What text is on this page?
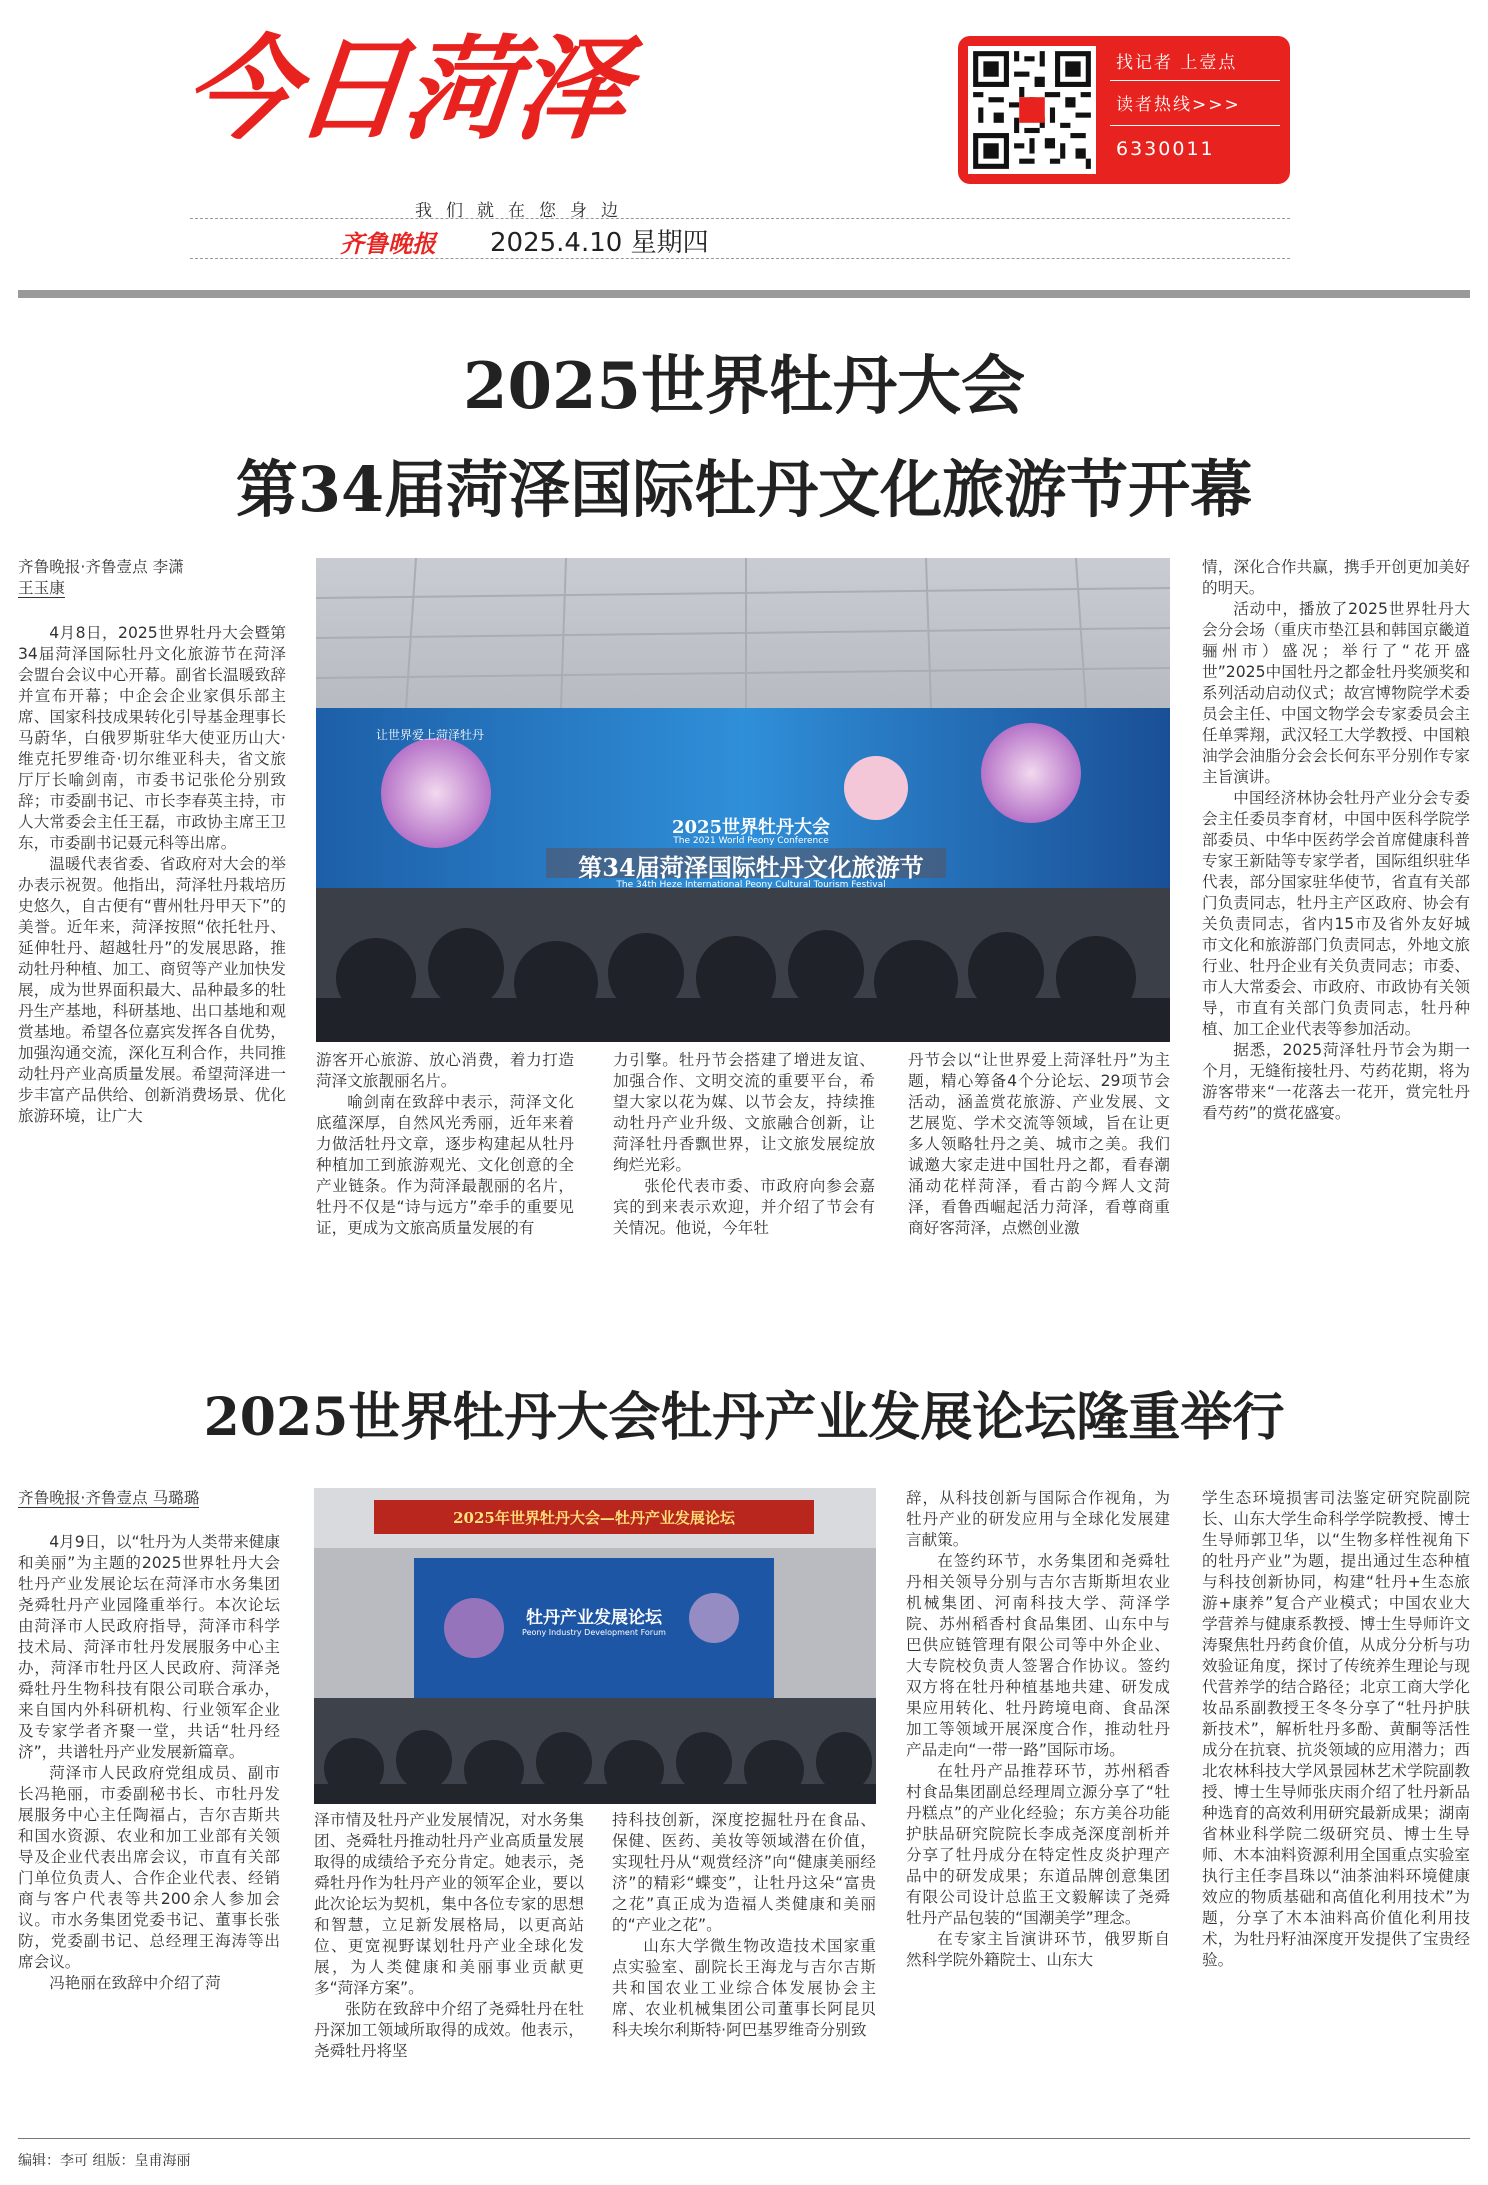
今日菏泽	找记者 上壹点
读者热线>>>
6330011
我们就在您身边
齐鲁晚报 2025.4.10 星期四
2025世界牡丹大会
第34届菏泽国际牡丹文化旅游节开幕
齐鲁晚报·齐鲁壹点 李潇
王玉康

4月8日，2025世界牡丹大会暨第34届菏泽国际牡丹文化旅游节在菏泽会盟台会议中心开幕。副省长温暖致辞并宣布开幕；中企会企业家俱乐部主席、国家科技成果转化引导基金理事长马蔚华，白俄罗斯驻华大使亚历山大·维克托罗维奇·切尔维亚科夫，省文旅厅厅长喻剑南，市委书记张伦分别致辞；市委副书记、市长李春英主持，市人大常委会主任王磊，市政协主席王卫东，市委副书记聂元科等出席。

温暖代表省委、省政府对大会的举办表示祝贺。他指出，菏泽牡丹栽培历史悠久，自古便有“曹州牡丹甲天下”的美誉。近年来，菏泽按照“依托牡丹、延伸牡丹、超越牡丹”的发展思路，推动牡丹种植、加工、商贸等产业加快发展，成为世界面积最大、品种最多的牡丹生产基地，科研基地、出口基地和观赏基地。希望各位嘉宾发挥各自优势，加强沟通交流，深化互利合作，共同推动牡丹产业高质量发展。希望菏泽进一步丰富产品供给、创新消费场景、优化旅游环境，让广大

2025世界牡丹大会
The 2021 World Peony Conference
第34届菏泽国际牡丹文化旅游节
The 34th Heze International Peony Cultural Tourism Festival
让世界爱上菏泽牡丹

游客开心旅游、放心消费，着力打造菏泽文旅靓丽名片。

喻剑南在致辞中表示，菏泽文化底蕴深厚，自然风光秀丽，近年来着力做活牡丹文章，逐步构建起从牡丹种植加工到旅游观光、文化创意的全产业链条。作为菏泽最靓丽的名片，牡丹不仅是“诗与远方”牵手的重要见证，更成为文旅高质量发展的有

力引擎。牡丹节会搭建了增进友谊、加强合作、文明交流的重要平台，希望大家以花为媒、以节会友，持续推动牡丹产业升级、文旅融合创新，让菏泽牡丹香飘世界，让文旅发展绽放绚烂光彩。

张伦代表市委、市政府向参会嘉宾的到来表示欢迎，并介绍了节会有关情况。他说，今年牡

丹节会以“让世界爱上菏泽牡丹”为主题，精心筹备4个分论坛、29项节会活动，涵盖赏花旅游、产业发展、文艺展览、学术交流等领域，旨在让更多人领略牡丹之美、城市之美。我们诚邀大家走进中国牡丹之都，看春潮涌动花样菏泽，看古韵今辉人文菏泽，看鲁西崛起活力菏泽，看尊商重商好客菏泽，点燃创业激

情，深化合作共赢，携手开创更加美好的明天。

活动中，播放了2025世界牡丹大会分会场（重庆市垫江县和韩国京畿道骊州市）盛况；举行了“花开盛世”2025中国牡丹之都金牡丹奖颁奖和系列活动启动仪式；故宫博物院学术委员会主任、中国文物学会专家委员会主任单霁翔，武汉轻工大学教授、中国粮油学会油脂分会会长何东平分别作专家主旨演讲。

中国经济林协会牡丹产业分会专委会主任委员李育材，中国中医科学院学部委员、中华中医药学会首席健康科普专家王新陆等专家学者，国际组织驻华代表，部分国家驻华使节，省直有关部门负责同志，牡丹主产区政府、协会有关负责同志，省内15市及省外友好城市文化和旅游部门负责同志，外地文旅行业、牡丹企业有关负责同志；市委、市人大常委会、市政府、市政协有关领导，市直有关部门负责同志，牡丹种植、加工企业代表等参加活动。

据悉，2025菏泽牡丹节会为期一个月，无缝衔接牡丹、芍药花期，将为游客带来“一花落去一花开，赏完牡丹看芍药”的赏花盛宴。

2025世界牡丹大会牡丹产业发展论坛隆重举行
齐鲁晚报·齐鲁壹点 马璐璐

4月9日，以“牡丹为人类带来健康和美丽”为主题的2025世界牡丹大会牡丹产业发展论坛在菏泽市水务集团尧舜牡丹产业园隆重举行。本次论坛由菏泽市人民政府指导，菏泽市科学技术局、菏泽市牡丹发展服务中心主办，菏泽市牡丹区人民政府、菏泽尧舜牡丹生物科技有限公司联合承办，来自国内外科研机构、行业领军企业及专家学者齐聚一堂，共话“牡丹经济”，共谱牡丹产业发展新篇章。

菏泽市人民政府党组成员、副市长冯艳丽，市委副秘书长、市牡丹发展服务中心主任陶福占，吉尔吉斯共和国水资源、农业和加工业部有关领导及企业代表出席会议，市直有关部门单位负责人、合作企业代表、经销商与客户代表等共200余人参加会议。市水务集团党委书记、董事长张防，党委副书记、总经理王海涛等出席会议。

冯艳丽在致辞中介绍了菏

2025年世界牡丹大会—牡丹产业发展论坛
牡丹产业发展论坛
Peony Industry Development Forum

泽市情及牡丹产业发展情况，对水务集团、尧舜牡丹推动牡丹产业高质量发展取得的成绩给予充分肯定。她表示，尧舜牡丹作为牡丹产业的领军企业，要以此次论坛为契机，集中各位专家的思想和智慧，立足新发展格局，以更高站位、更宽视野谋划牡丹产业全球化发展，为人类健康和美丽事业贡献更多“菏泽方案”。

张防在致辞中介绍了尧舜牡丹在牡丹深加工领域所取得的成效。他表示，尧舜牡丹将坚

持科技创新，深度挖掘牡丹在食品、保健、医药、美妆等领域潜在价值，实现牡丹从“观赏经济”向“健康美丽经济”的精彩“蝶变”，让牡丹这朵“富贵之花”真正成为造福人类健康和美丽的“产业之花”。

山东大学微生物改造技术国家重点实验室、副院长王海龙与吉尔吉斯共和国农业工业综合体发展协会主席、农业机械集团公司董事长阿昆贝科夫埃尔利斯特·阿巴基罗维奇分别致

辞，从科技创新与国际合作视角，为牡丹产业的研发应用与全球化发展建言献策。

在签约环节，水务集团和尧舜牡丹相关领导分别与吉尔吉斯斯坦农业机械集团、河南科技大学、菏泽学院、苏州稻香村食品集团、山东中与巴供应链管理有限公司等中外企业、大专院校负责人签署合作协议。签约双方将在牡丹种植基地共建、研发成果应用转化、牡丹跨境电商、食品深加工等领域开展深度合作，推动牡丹产品走向“一带一路”国际市场。

在牡丹产品推荐环节，苏州稻香村食品集团副总经理周立源分享了“牡丹糕点”的产业化经验；东方美谷功能护肤品研究院院长李成尧深度剖析并分享了牡丹成分在特定性皮炎护理产品中的研发成果；东道品牌创意集团有限公司设计总监王文毅解读了尧舜牡丹产品包装的“国潮美学”理念。

在专家主旨演讲环节，俄罗斯自然科学院外籍院士、山东大

学生态环境损害司法鉴定研究院副院长、山东大学生命科学学院教授、博士生导师郭卫华，以“生物多样性视角下的牡丹产业”为题，提出通过生态种植与科技创新协同，构建“牡丹+生态旅游+康养”复合产业模式；中国农业大学营养与健康系教授、博士生导师许文涛聚焦牡丹药食价值，从成分分析与功效验证角度，探讨了传统养生理论与现代营养学的结合路径；北京工商大学化妆品系副教授王冬冬分享了“牡丹护肤新技术”，解析牡丹多酚、黄酮等活性成分在抗衰、抗炎领域的应用潜力；西北农林科技大学风景园林艺术学院副教授、博士生导师张庆雨介绍了牡丹新品种选育的高效利用研究最新成果；湖南省林业科学院二级研究员、博士生导师、木本油料资源利用全国重点实验室执行主任李昌珠以“油茶油料环境健康效应的物质基础和高值化利用技术”为题，分享了木本油料高价值化利用技术，为牡丹籽油深度开发提供了宝贵经验。

编辑：李可 组版：皇甫海丽
